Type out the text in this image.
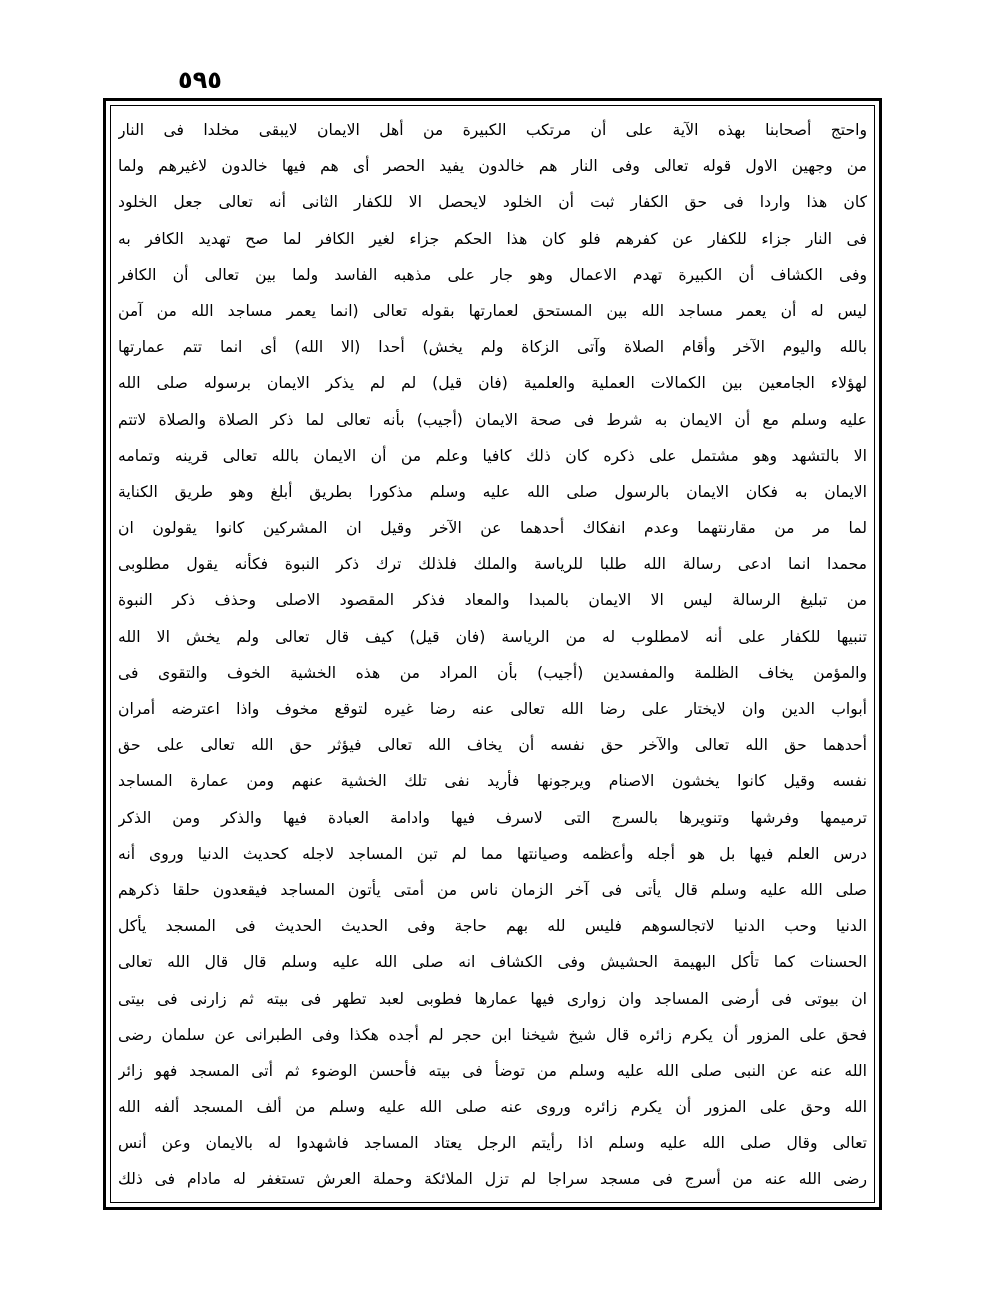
٥٩٥
واحتج أصحابنا بهذه الآية على أن مرتكب الكبيرة من أهل الايمان لايبقى مخلدا فى النار
من وجهين الاول قوله تعالى وفى النار هم خالدون يفيد الحصر أى هم فيها خالدون لاغيرهم ولما
كان هذا واردا فى حق الكفار ثبت أن الخلود لايحصل الا للكفار الثانى أنه تعالى جعل الخلود
فى النار جزاء للكفار عن كفرهم فلو كان هذا الحكم جزاء لغير الكافر لما صح تهديد الكافر به
وفى الكشاف أن الكبيرة تهدم الاعمال وهو جار على مذهبه الفاسد ولما بين تعالى أن الكافر
ليس له أن يعمر مساجد الله بين المستحق لعمارتها بقوله تعالى (انما يعمر مساجد الله من آمن
بالله واليوم الآخر وأقام الصلاة وآتى الزكاة ولم يخش) أحدا (الا الله) أى انما تتم عمارتها
لهؤلاء الجامعين بين الكمالات العملية والعلمية (فان قيل) لم لم يذكر الايمان برسوله صلى الله
عليه وسلم مع أن الايمان به شرط فى صحة الايمان (أجيب) بأنه تعالى لما ذكر الصلاة والصلاة لاتتم
الا بالتشهد وهو مشتمل على ذكره كان ذلك كافيا وعلم من أن الايمان بالله تعالى قرينه وتمامه
الايمان به فكان الايمان بالرسول صلى الله عليه وسلم مذكورا بطريق أبلغ وهو طريق الكناية
لما مر من مقارنتهما وعدم انفكاك أحدهما عن الآخر وقيل ان المشركين كانوا يقولون ان
محمدا انما ادعى رسالة الله طلبا للرياسة والملك فلذلك ترك ذكر النبوة فكأنه يقول مطلوبى
من تبليغ الرسالة ليس الا الايمان بالمبدا والمعاد فذكر المقصود الاصلى وحذف ذكر النبوة
تنبيها للكفار على أنه لامطلوب له من الرياسة (فان قيل) كيف قال تعالى ولم يخش الا الله
والمؤمن يخاف الظلمة والمفسدين (أجيب) بأن المراد من هذه الخشية الخوف والتقوى فى
أبواب الدين وان لايختار على رضا الله تعالى عنه رضا غيره لتوقع مخوف واذا اعترضه أمران
أحدهما حق الله تعالى والآخر حق نفسه أن يخاف الله تعالى فيؤثر حق الله تعالى على حق
نفسه وقيل كانوا يخشون الاصنام ويرجونها فأريد نفى تلك الخشية عنهم ومن عمارة المساجد
ترميمها وفرشها وتنويرها بالسرج التى لاسرف فيها وادامة العبادة فيها والذكر ومن الذكر
درس العلم فيها بل هو أجله وأعظمه وصيانتها مما لم تبن المساجد لاجله كحديث الدنيا وروى أنه
صلى الله عليه وسلم قال يأتى فى آخر الزمان ناس من أمتى يأتون المساجد فيقعدون حلقا ذكرهم
الدنيا وحب الدنيا لاتجالسوهم فليس لله بهم حاجة وفى الحديث الحديث فى المسجد يأكل
الحسنات كما تأكل البهيمة الحشيش وفى الكشاف انه صلى الله عليه وسلم قال قال الله تعالى
ان بيوتى فى أرضى المساجد وان زوارى فيها عمارها فطوبى لعبد تطهر فى بيته ثم زارنى فى بيتى
فحق على المزور أن يكرم زائره قال شيخ شيخنا ابن حجر لم أجده هكذا وفى الطبرانى عن سلمان رضى
الله عنه عن النبى صلى الله عليه وسلم من توضأ فى بيته فأحسن الوضوء ثم أتى المسجد فهو زائر
الله وحق على المزور أن يكرم زائره وروى عنه صلى الله عليه وسلم من ألف المسجد ألفه الله
تعالى وقال صلى الله عليه وسلم اذا رأيتم الرجل يعتاد المساجد فاشهدوا له بالايمان وعن أنس
رضى الله عنه من أسرج فى مسجد سراجا لم تزل الملائكة وحملة العرش تستغفر له مادام فى ذلك
